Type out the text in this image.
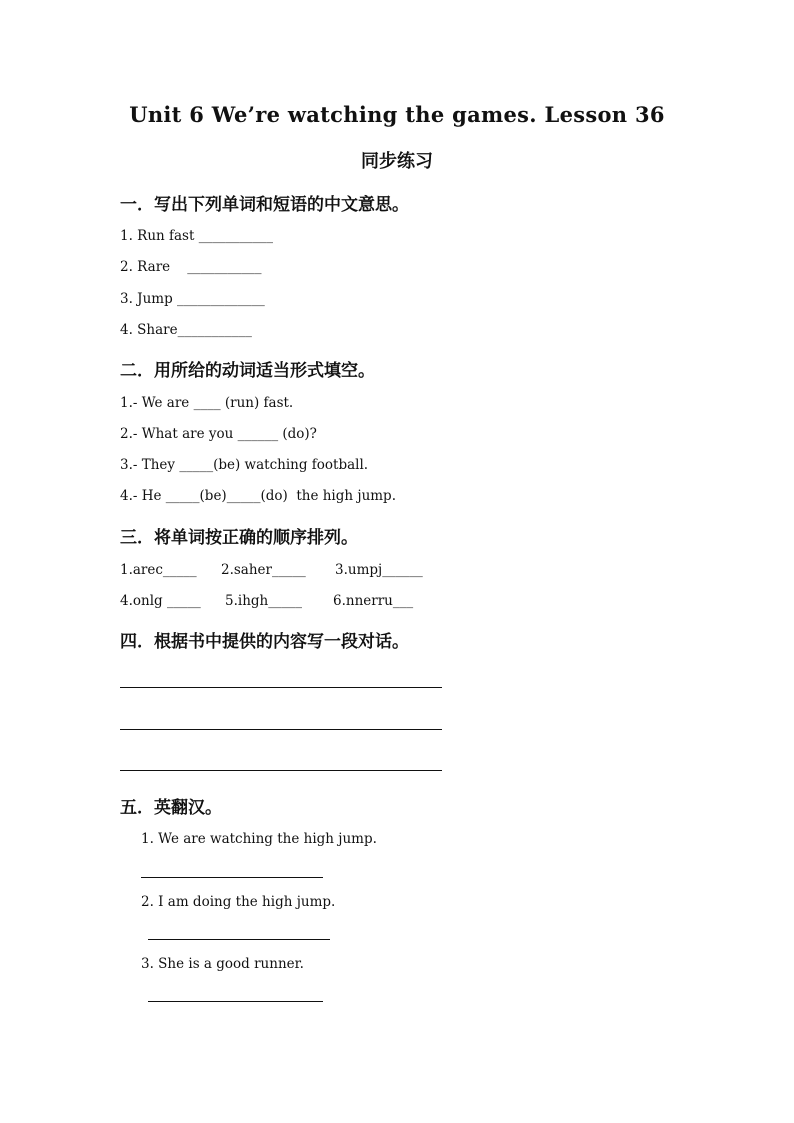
Unit 6 We’re watching the games. Lesson 36
同步练习
一．写出下列单词和短语的中文意思。
1. Run fast ___________
2. Rare    ___________
3. Jump _____________
4. Share___________
二．用所给的动词适当形式填空。
1.- We are ____ (run) fast.
2.- What are you ______ (do)?
3.- They _____(be) watching football.
4.- He _____(be)_____(do)  the high jump.
三．将单词按正确的顺序排列。
1.arec_____ 2.saher_____ 3.umpj______
4.onlg _____ 5.ihgh_____ 6.nnerru___
四．根据书中提供的内容写一段对话。
五．英翻汉。
1. We are watching the high jump.
2. I am doing the high jump.
3. She is a good runner.
